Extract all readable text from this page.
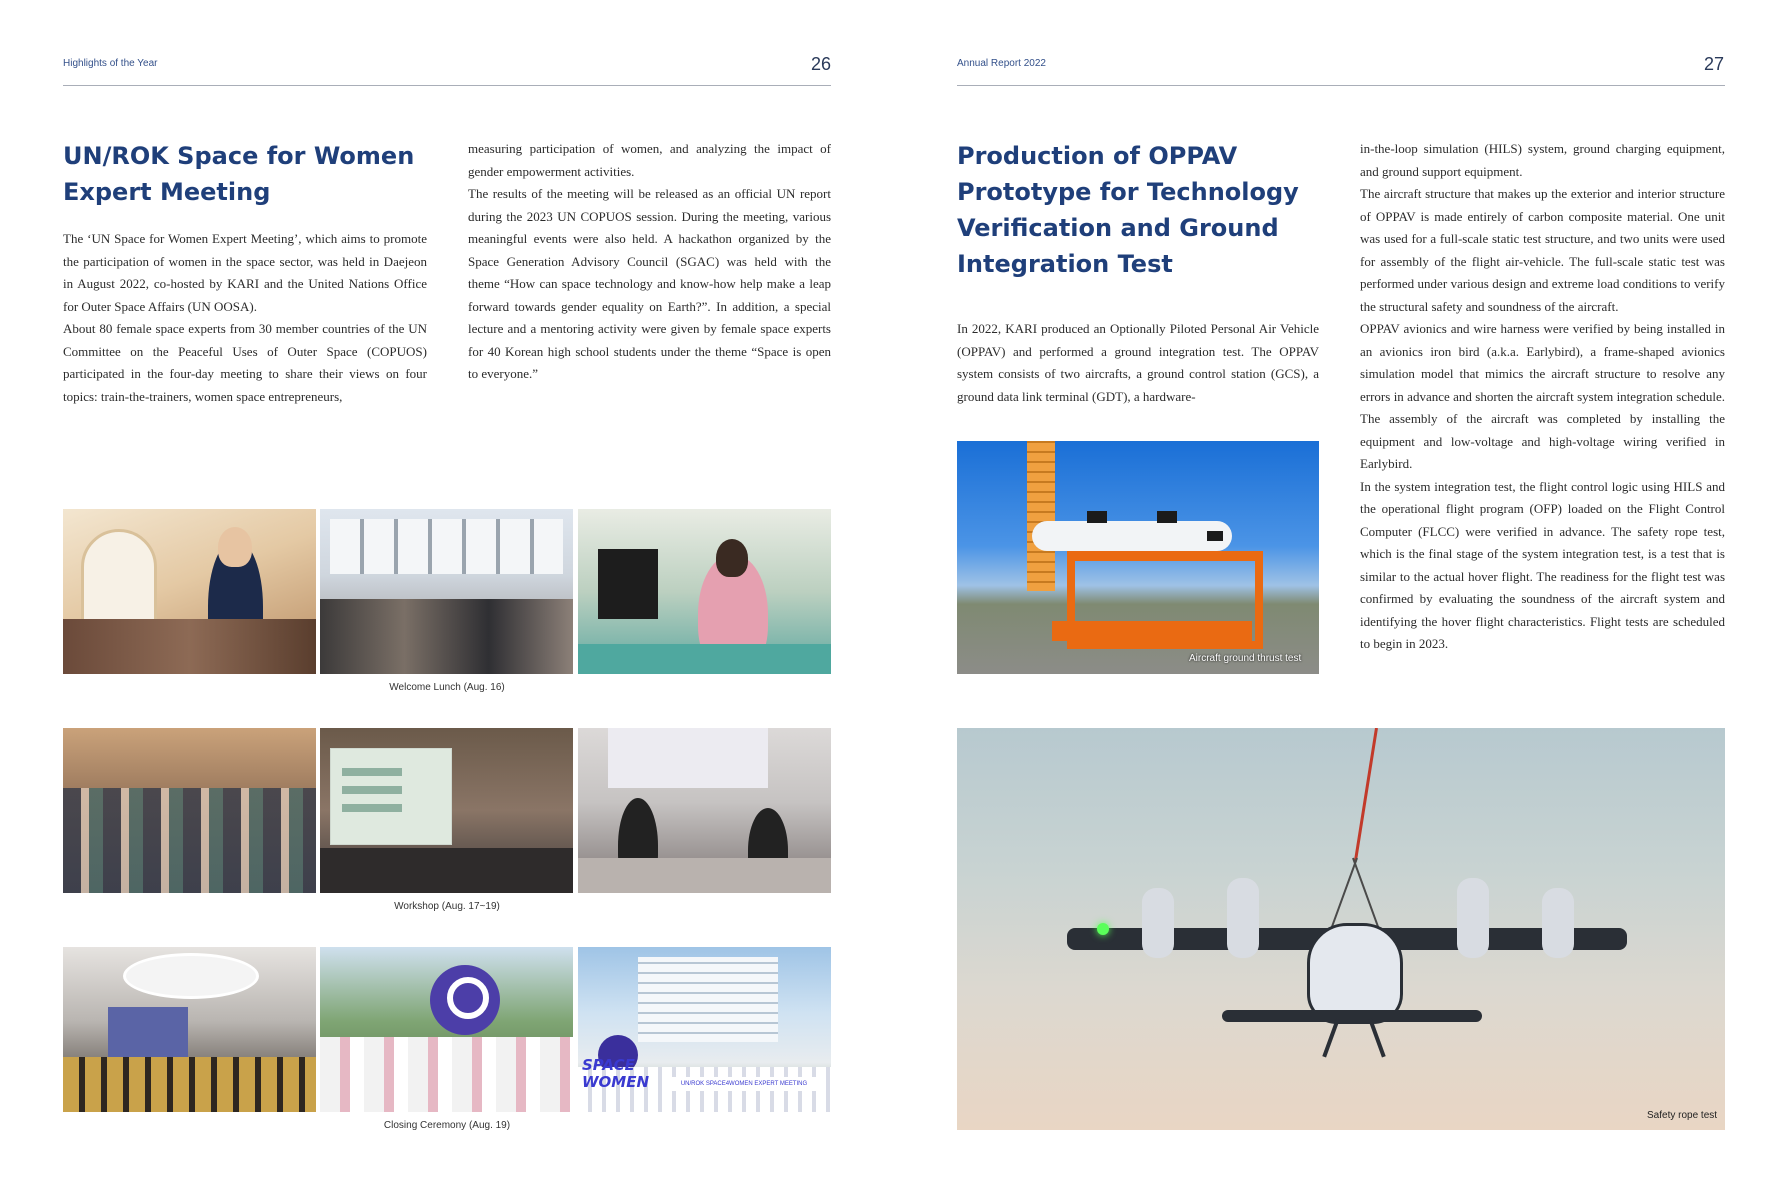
Highlights of the Year	26
UN/ROK Space for Women
Expert Meeting

The ‘UN Space for Women Expert Meeting’, which aims to promote the participation of women in the space sector, was held in Daejeon in August 2022, co-hosted by KARI and the United Nations Office for Outer Space Affairs (UN OOSA).

About 80 female space experts from 30 member countries of the UN Committee on the Peaceful Uses of Outer Space (COPUOS) participated in the four-day meeting to share their views on four topics: train-the-trainers, women space entrepreneurs,

measuring participation of women, and analyzing the impact of gender empowerment activities.

The results of the meeting will be released as an official UN report during the 2023 UN COPUOS session. During the meeting, various meaningful events were also held. A hackathon organized by the Space Generation Advisory Council (SGAC) was held with the theme “How can space technology and know-how help make a leap forward towards gender equality on Earth?”. In addition, a special lecture and a mentoring activity were given by female space experts for 40 Korean high school students under the theme “Space is open to everyone.”

Welcome Lunch (Aug. 16)
Workshop (Aug. 17~19)
SPACE
WOMEN	UN/ROK SPACE4WOMEN EXPERT MEETING
Closing Ceremony (Aug. 19)
Annual Report 2022	27
Production of OPPAV
Prototype for Technology
Verification and Ground
Integration Test

In 2022, KARI produced an Optionally Piloted Personal Air Vehicle (OPPAV) and performed a ground integration test. The OPPAV system consists of two aircrafts, a ground control station (GCS), a ground data link terminal (GDT), a hardware-

in-the-loop simulation (HILS) system, ground charging equipment, and ground support equipment.

The aircraft structure that makes up the exterior and interior structure of OPPAV is made entirely of carbon composite material. One unit was used for a full-scale static test structure, and two units were used for assembly of the flight air-vehicle. The full-scale static test was performed under various design and extreme load conditions to verify the structural safety and soundness of the aircraft.

OPPAV avionics and wire harness were verified by being installed in an avionics iron bird (a.k.a. Earlybird), a frame-shaped avionics simulation model that mimics the aircraft structure to resolve any errors in advance and shorten the aircraft system integration schedule. The assembly of the aircraft was completed by installing the equipment and low-voltage and high-voltage wiring verified in Earlybird.

In the system integration test, the flight control logic using HILS and the operational flight program (OFP) loaded on the Flight Control Computer (FLCC) were verified in advance. The safety rope test, which is the final stage of the system integration test, is a test that is similar to the actual hover flight. The readiness for the flight test was confirmed by evaluating the soundness of the aircraft system and identifying the hover flight characteristics. Flight tests are scheduled to begin in 2023.

Aircraft ground thrust test
Safety rope test
